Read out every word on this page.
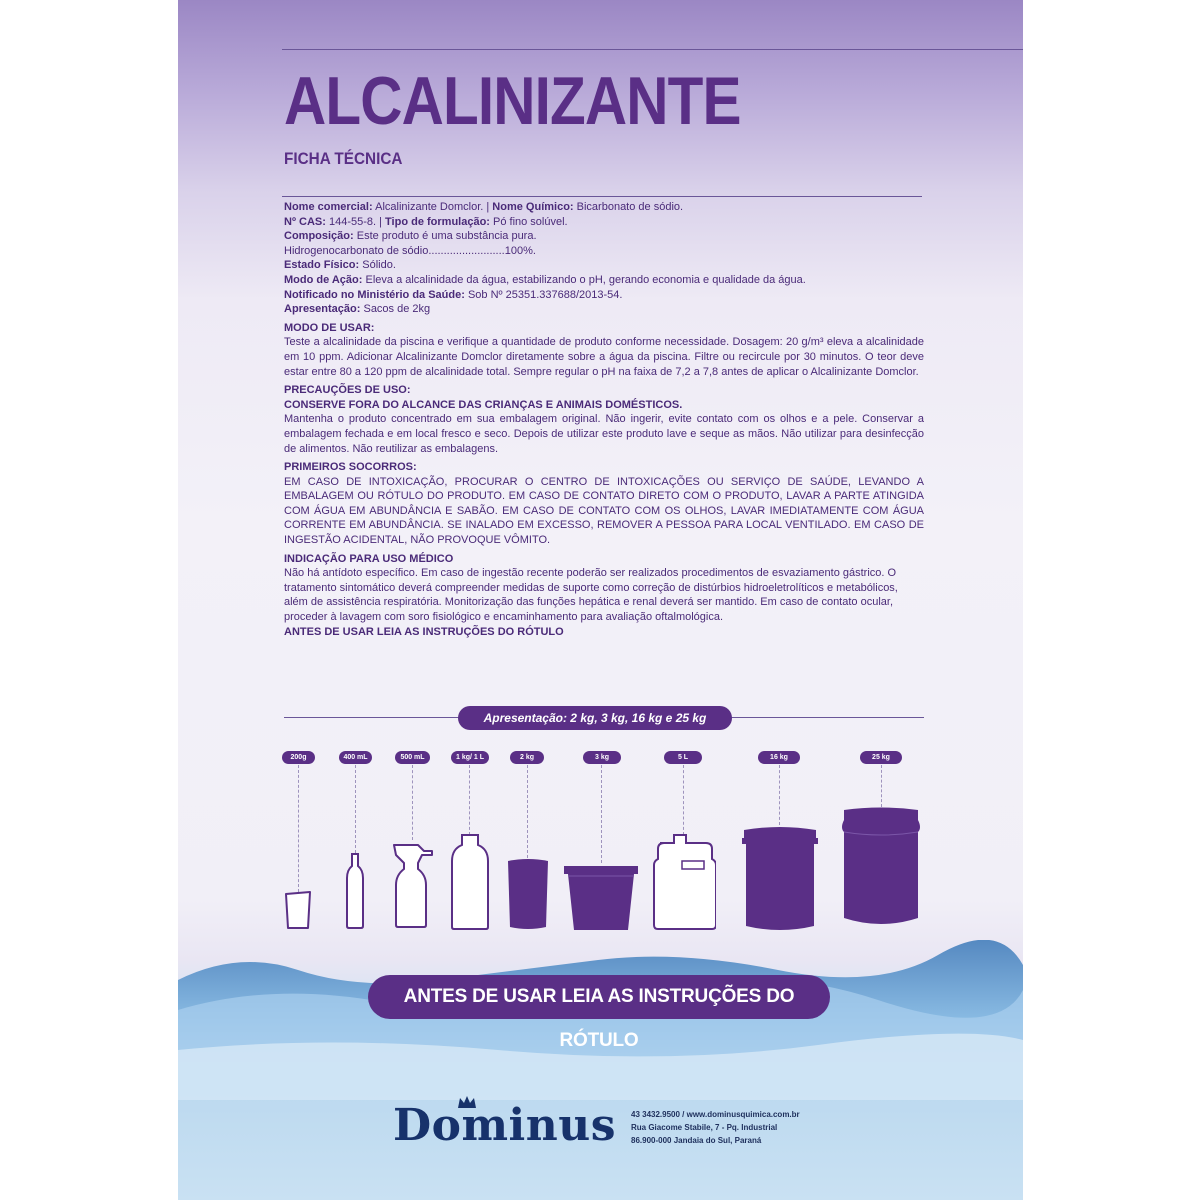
ALCALINIZANTE
FICHA TÉCNICA
Nome comercial: Alcalinizante Domclor. | Nome Químico: Bicarbonato de sódio.
Nº CAS: 144-55-8. | Tipo de formulação: Pó fino solúvel.
Composição: Este produto é uma substância pura.
Hidrogenocarbonato de sódio.........................100%.
Estado Físico: Sólido.
Modo de Ação: Eleva a alcalinidade da água, estabilizando o pH, gerando economia e qualidade da água.
Notificado no Ministério da Saúde: Sob Nº 25351.337688/2013-54.
Apresentação: Sacos de 2kg
MODO DE USAR:
Teste a alcalinidade da piscina e verifique a quantidade de produto conforme necessidade. Dosagem: 20 g/m³ eleva a alcalinidade em 10 ppm. Adicionar Alcalinizante Domclor diretamente sobre a água da piscina. Filtre ou recircule por 30 minutos. O teor deve estar entre 80 a 120 ppm de alcalinidade total. Sempre regular o pH na faixa de 7,2 a 7,8 antes de aplicar o Alcalinizante Domclor.
PRECAUÇÕES DE USO:
CONSERVE FORA DO ALCANCE DAS CRIANÇAS E ANIMAIS DOMÉSTICOS.
Mantenha o produto concentrado em sua embalagem original. Não ingerir, evite contato com os olhos e a pele. Conservar a embalagem fechada e em local fresco e seco. Depois de utilizar este produto lave e seque as mãos. Não utilizar para desinfecção de alimentos. Não reutilizar as embalagens.
PRIMEIROS SOCORROS:
EM CASO DE INTOXICAÇÃO, PROCURAR O CENTRO DE INTOXICAÇÕES OU SERVIÇO DE SAÚDE, LEVANDO A EMBALAGEM OU RÓTULO DO PRODUTO. EM CASO DE CONTATO DIRETO COM O PRODUTO, LAVAR A PARTE ATINGIDA COM ÁGUA EM ABUNDÂNCIA E SABÃO. EM CASO DE CONTATO COM OS OLHOS, LAVAR IMEDIATAMENTE COM ÁGUA CORRENTE EM ABUNDÂNCIA. SE INALADO EM EXCESSO, REMOVER A PESSOA PARA LOCAL VENTILADO. EM CASO DE INGESTÃO ACIDENTAL, NÃO PROVOQUE VÔMITO.
INDICAÇÃO PARA USO MÉDICO
Não há antídoto específico. Em caso de ingestão recente poderão ser realizados procedimentos de esvaziamento gástrico. O tratamento sintomático deverá compreender medidas de suporte como correção de distúrbios hidroeletrolíticos e metabólicos, além de assistência respiratória. Monitorização das funções hepática e renal deverá ser mantido. Em caso de contato ocular, proceder à lavagem com soro fisiológico e encaminhamento para avaliação oftalmológica.
ANTES DE USAR LEIA AS INSTRUÇÕES DO RÓTULO
Apresentação: 2 kg, 3 kg, 16 kg e 25 kg
200g	400 mL	500 mL	1 kg/ 1 L	2 kg	3 kg	5 L	16 kg	25 kg
ANTES DE USAR LEIA AS INSTRUÇÕES DO RÓTULO
Dominus 43 3432.9500 / www.dominusquimica.com.br
Rua Giacome Stabile, 7 - Pq. Industrial
86.900-000 Jandaia do Sul, Paraná
